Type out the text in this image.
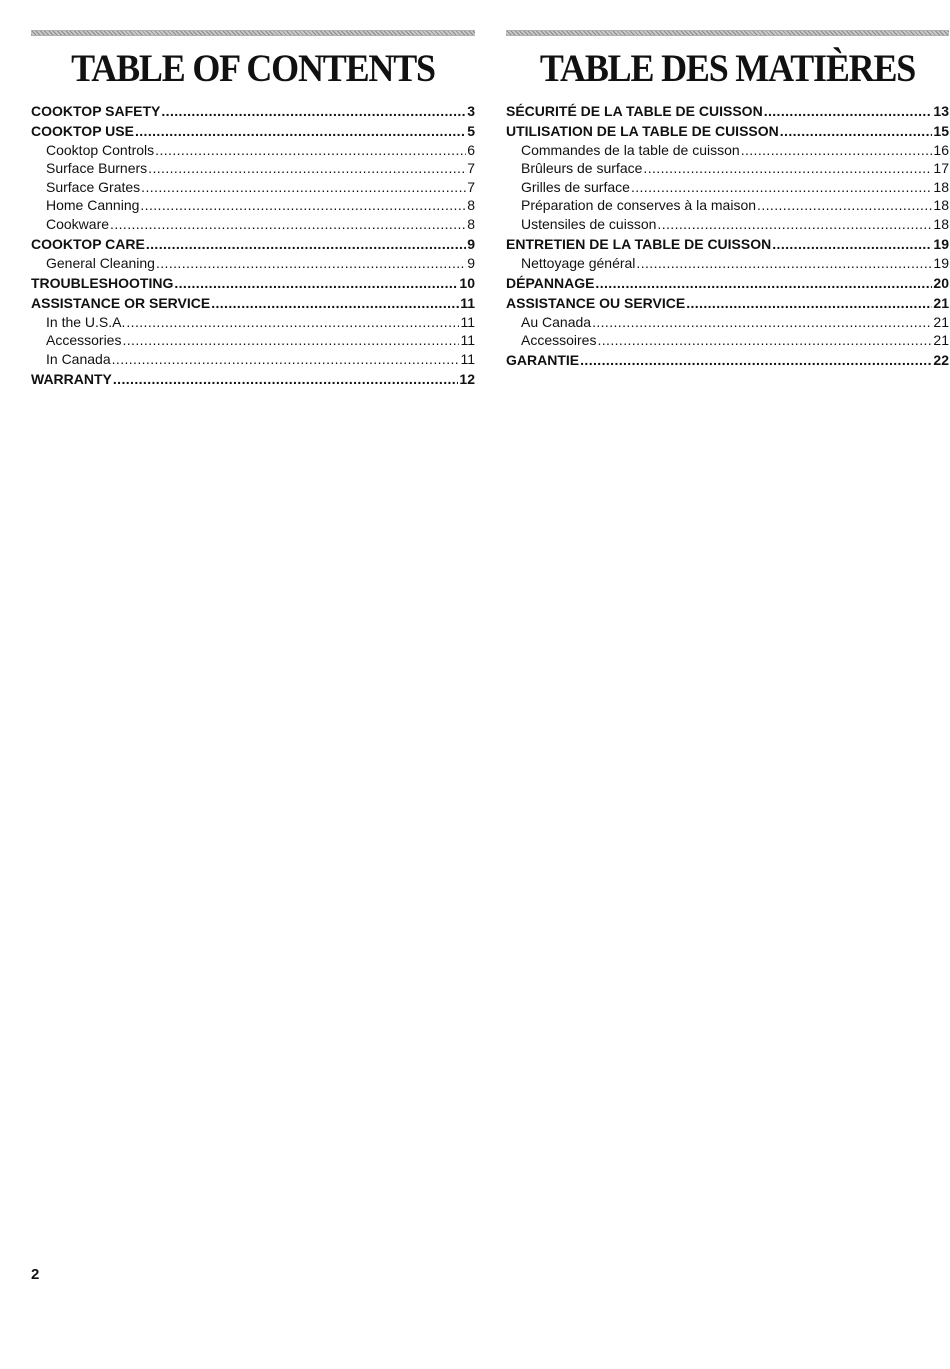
TABLE OF CONTENTS
COOKTOP SAFETY .....	3
COOKTOP USE .....	5
Cooktop Controls .....	6
Surface Burners .....	7
Surface Grates .....	7
Home Canning .....	8
Cookware .....	8
COOKTOP CARE .....	9
General Cleaning .....	9
TROUBLESHOOTING .....	10
ASSISTANCE OR SERVICE .....	11
In the U.S.A. .....	11
Accessories .....	11
In Canada .....	11
WARRANTY .....	12
TABLE DES MATIÈRES
SÉCURITÉ DE LA TABLE DE CUISSON .....	13
UTILISATION DE LA TABLE DE CUISSON .....	15
Commandes de la table de cuisson .....	16
Brûleurs de surface .....	17
Grilles de surface .....	18
Préparation de conserves à la maison .....	18
Ustensiles de cuisson .....	18
ENTRETIEN DE LA TABLE DE CUISSON .....	19
Nettoyage général .....	19
DÉPANNAGE .....	20
ASSISTANCE OU SERVICE .....	21
Au Canada .....	21
Accessoires .....	21
GARANTIE .....	22
2
